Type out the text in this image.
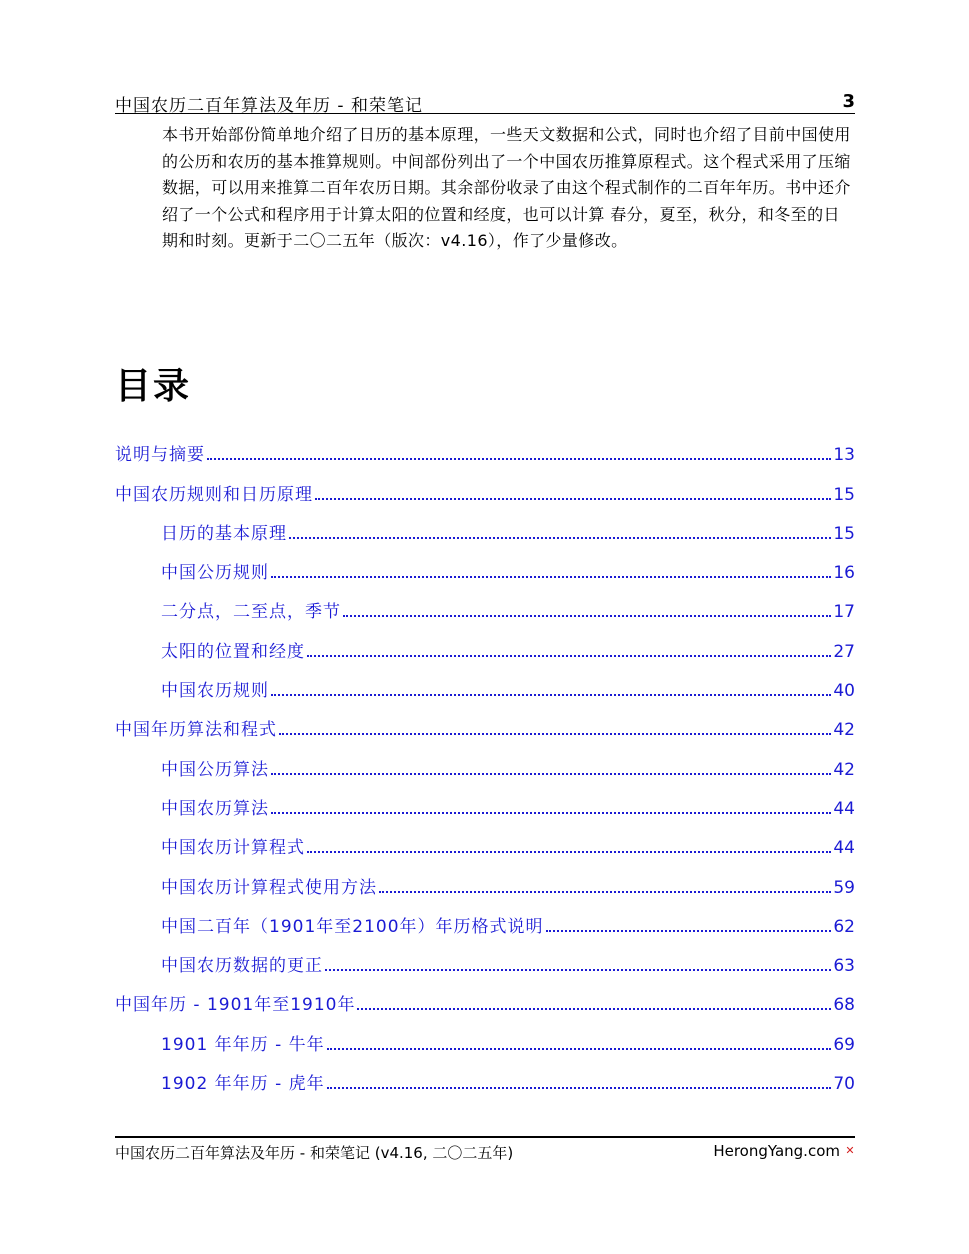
中国农历二百年算法及年历 - 和荣笔记	3

本书开始部份简单地介绍了日历的基本原理，一些天文数据和公式，同时也介绍了目前中国使用的公历和农历的基本推算规则。中间部份列出了一个中国农历推算原程式。这个程式采用了压缩数据，可以用来推算二百年农历日期。其余部份收录了由这个程式制作的二百年年历。书中还介绍了一个公式和程序用于计算太阳的位置和经度，也可以计算 春分，夏至，秋分，和冬至的日期和时刻。更新于二〇二五年（版次：v4.16），作了少量修改。

目录
说明与摘要	13
中国农历规则和日历原理	15
日历的基本原理	15
中国公历规则	16
二分点，二至点，季节	17
太阳的位置和经度	27
中国农历规则	40
中国年历算法和程式	42
中国公历算法	42
中国农历算法	44
中国农历计算程式	44
中国农历计算程式使用方法	59
中国二百年（1901年至2100年）年历格式说明	62
中国农历数据的更正	63
中国年历 - 1901年至1910年	68
1901 年年历 - 牛年	69
1902 年年历 - 虎年	70
中国农历二百年算法及年历 - 和荣笔记 (v4.16, 二〇二五年)	HerongYang.com ✕
